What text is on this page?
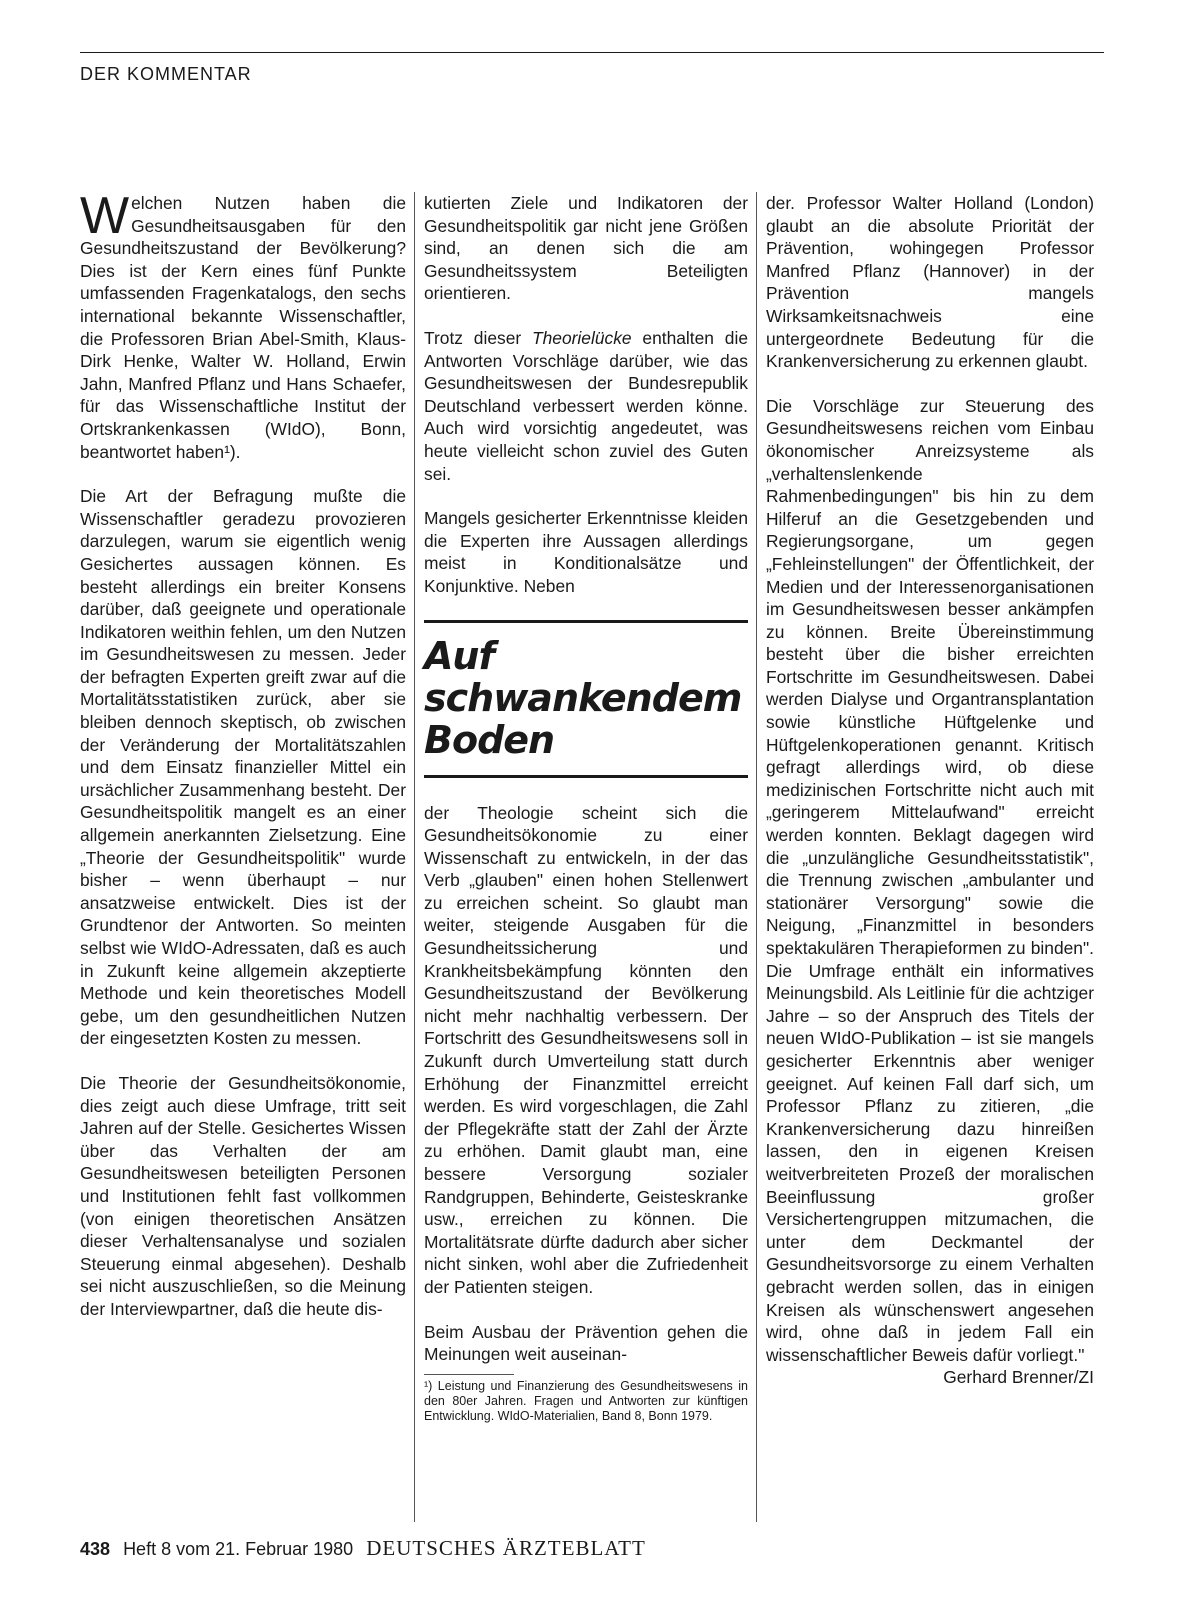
DER KOMMENTAR

Welchen Nutzen haben die Gesundheitsausgaben für den Gesundheitszustand der Bevölkerung? Dies ist der Kern eines fünf Punkte umfassenden Fragenkatalogs, den sechs international bekannte Wissenschaftler, die Professoren Brian Abel-Smith, Klaus-Dirk Henke, Walter W. Holland, Erwin Jahn, Manfred Pflanz und Hans Schaefer, für das Wissenschaftliche Institut der Ortskrankenkassen (WIdO), Bonn, beantwortet haben¹).

Die Art der Befragung mußte die Wissenschaftler geradezu provozieren darzulegen, warum sie eigentlich wenig Gesichertes aussagen können. Es besteht allerdings ein breiter Konsens darüber, daß geeignete und operationale Indikatoren weithin fehlen, um den Nutzen im Gesundheitswesen zu messen. Jeder der befragten Experten greift zwar auf die Mortalitätsstatistiken zurück, aber sie bleiben dennoch skeptisch, ob zwischen der Veränderung der Mortalitätszahlen und dem Einsatz finanzieller Mittel ein ursächlicher Zusammenhang besteht. Der Gesundheitspolitik mangelt es an einer allgemein anerkannten Zielsetzung. Eine „Theorie der Gesundheitspolitik" wurde bisher – wenn überhaupt – nur ansatzweise entwickelt. Dies ist der Grundtenor der Antworten. So meinten selbst wie WIdO-Adressaten, daß es auch in Zukunft keine allgemein akzeptierte Methode und kein theoretisches Modell gebe, um den gesundheitlichen Nutzen der eingesetzten Kosten zu messen.

Die Theorie der Gesundheitsökonomie, dies zeigt auch diese Umfrage, tritt seit Jahren auf der Stelle. Gesichertes Wissen über das Verhalten der am Gesundheitswesen beteiligten Personen und Institutionen fehlt fast vollkommen (von einigen theoretischen Ansätzen dieser Verhaltensanalyse und sozialen Steuerung einmal abgesehen). Deshalb sei nicht auszuschließen, so die Meinung der Interviewpartner, daß die heute dis-

kutierten Ziele und Indikatoren der Gesundheitspolitik gar nicht jene Größen sind, an denen sich die am Gesundheitssystem Beteiligten orientieren.

Trotz dieser Theorielücke enthalten die Antworten Vorschläge darüber, wie das Gesundheitswesen der Bundesrepublik Deutschland verbessert werden könne. Auch wird vorsichtig angedeutet, was heute vielleicht schon zuviel des Guten sei.

Mangels gesicherter Erkenntnisse kleiden die Experten ihre Aussagen allerdings meist in Konditionalsätze und Konjunktive. Neben

Auf
schwankendem
Boden

der Theologie scheint sich die Gesundheitsökonomie zu einer Wissenschaft zu entwickeln, in der das Verb „glauben" einen hohen Stellenwert zu erreichen scheint. So glaubt man weiter, steigende Ausgaben für die Gesundheitssicherung und Krankheitsbekämpfung könnten den Gesundheitszustand der Bevölkerung nicht mehr nachhaltig verbessern. Der Fortschritt des Gesundheitswesens soll in Zukunft durch Umverteilung statt durch Erhöhung der Finanzmittel erreicht werden. Es wird vorgeschlagen, die Zahl der Pflegekräfte statt der Zahl der Ärzte zu erhöhen. Damit glaubt man, eine bessere Versorgung sozialer Randgruppen, Behinderte, Geisteskranke usw., erreichen zu können. Die Mortalitätsrate dürfte dadurch aber sicher nicht sinken, wohl aber die Zufriedenheit der Patienten steigen.

Beim Ausbau der Prävention gehen die Meinungen weit auseinan-

¹) Leistung und Finanzierung des Gesundheitswesens in den 80er Jahren. Fragen und Antworten zur künftigen Entwicklung. WIdO-Materialien, Band 8, Bonn 1979.

der. Professor Walter Holland (London) glaubt an die absolute Priorität der Prävention, wohingegen Professor Manfred Pflanz (Hannover) in der Prävention mangels Wirksamkeitsnachweis eine untergeordnete Bedeutung für die Krankenversicherung zu erkennen glaubt.

Die Vorschläge zur Steuerung des Gesundheitswesens reichen vom Einbau ökonomischer Anreizsysteme als „verhaltenslenkende Rahmenbedingungen" bis hin zu dem Hilferuf an die Gesetzgebenden und Regierungsorgane, um gegen „Fehleinstellungen" der Öffentlichkeit, der Medien und der Interessenorganisationen im Gesundheitswesen besser ankämpfen zu können. Breite Übereinstimmung besteht über die bisher erreichten Fortschritte im Gesundheitswesen. Dabei werden Dialyse und Organtransplantation sowie künstliche Hüftgelenke und Hüftgelenkoperationen genannt. Kritisch gefragt allerdings wird, ob diese medizinischen Fortschritte nicht auch mit „geringerem Mittelaufwand" erreicht werden konnten. Beklagt dagegen wird die „unzulängliche Gesundheitsstatistik", die Trennung zwischen „ambulanter und stationärer Versorgung" sowie die Neigung, „Finanzmittel in besonders spektakulären Therapieformen zu binden". Die Umfrage enthält ein informatives Meinungsbild. Als Leitlinie für die achtziger Jahre – so der Anspruch des Titels der neuen WIdO-Publikation – ist sie mangels gesicherter Erkenntnis aber weniger geeignet. Auf keinen Fall darf sich, um Professor Pflanz zu zitieren, „die Krankenversicherung dazu hinreißen lassen, den in eigenen Kreisen weitverbreiteten Prozeß der moralischen Beeinflussung großer Versichertengruppen mitzumachen, die unter dem Deckmantel der Gesundheitsvorsorge zu einem Verhalten gebracht werden sollen, das in einigen Kreisen als wünschenswert angesehen wird, ohne daß in jedem Fall ein wissenschaftlicher Beweis dafür vorliegt."
Gerhard Brenner/ZI

438 Heft 8 vom 21. Februar 1980 DEUTSCHES ÄRZTEBLATT
